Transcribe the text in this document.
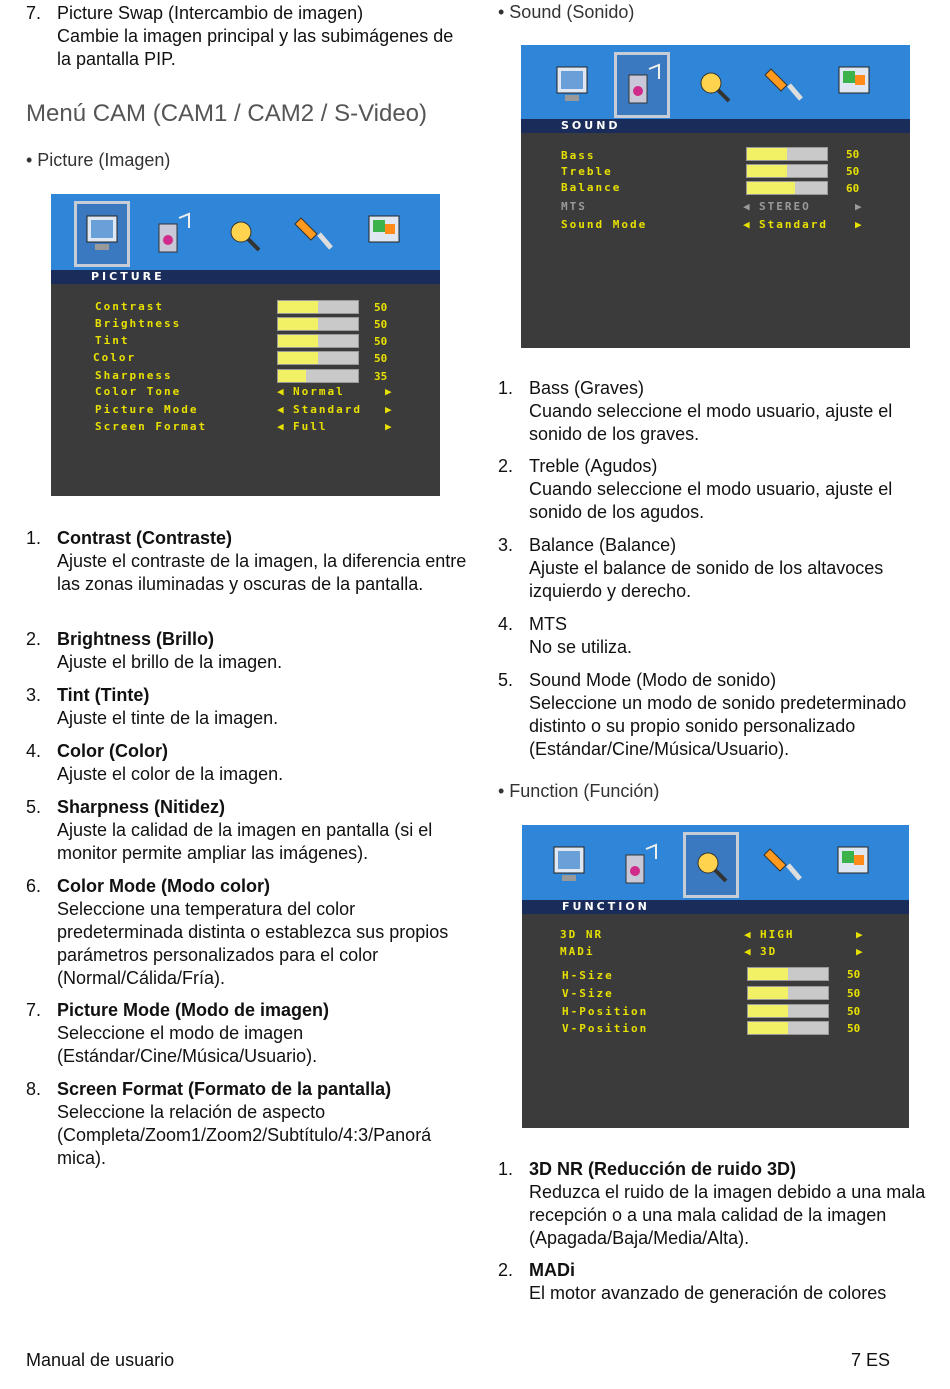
7. Picture Swap (Intercambio de imagen)
Cambie la imagen principal y las subimágenes de la pantalla PIP.
Menú CAM (CAM1 / CAM2 / S-Video)
• Picture (Imagen)
PICTURE
Contrast	50
Brightness	50
Tint	50
Color	50
Sharpness	35
Color Tone	◀ Normal	▶
Picture Mode	◀ Standard ▶
Screen Format	◀ Full	▶
1. Contrast (Contraste)
Ajuste el contraste de la imagen, la diferencia entre las zonas iluminadas y oscuras de la pantalla.
2. Brightness (Brillo)
Ajuste el brillo de la imagen.
3. Tint (Tinte)
Ajuste el tinte de la imagen.
4. Color (Color)
Ajuste el color de la imagen.
5. Sharpness (Nitidez)
Ajuste la calidad de la imagen en pantalla (si el monitor permite ampliar las imágenes).
6. Color Mode (Modo color)
Seleccione una temperatura del color predeterminada distinta o establezca sus propios parámetros personalizados para el color (Normal/Cálida/Fría).
7. Picture Mode (Modo de imagen)
Seleccione el modo de imagen (Estándar/Cine/Música/Usuario).
8. Screen Format (Formato de la pantalla)
Seleccione la relación de aspecto (Completa/Zoom1/Zoom2/Subtítulo/4:3/Panorá mica).
• Sound (Sonido)
SOUND
Bass	50
Treble	50
Balance	60
MTS	◀ STEREO	▶
Sound Mode	◀ Standard ▶
1. Bass (Graves)
Cuando seleccione el modo usuario, ajuste el sonido de los graves.
2. Treble (Agudos)
Cuando seleccione el modo usuario, ajuste el sonido de los agudos.
3. Balance (Balance)
Ajuste el balance de sonido de los altavoces izquierdo y derecho.
4. MTS
No se utiliza.
5. Sound Mode (Modo de sonido)
Seleccione un modo de sonido predeterminado distinto o su propio sonido personalizado (Estándar/Cine/Música/Usuario).
• Function (Función)
FUNCTION
3D NR	◀ HIGH	▶
MADi	◀ 3D	▶
H-Size	50
V-Size	50
H-Position	50
V-Position	50
1. 3D NR (Reducción de ruido 3D)
Reduzca el ruido de la imagen debido a una mala recepción o a una mala calidad de la imagen (Apagada/Baja/Media/Alta).
2. MADi
El motor avanzado de generación de colores
Manual de usuario	7 ES
